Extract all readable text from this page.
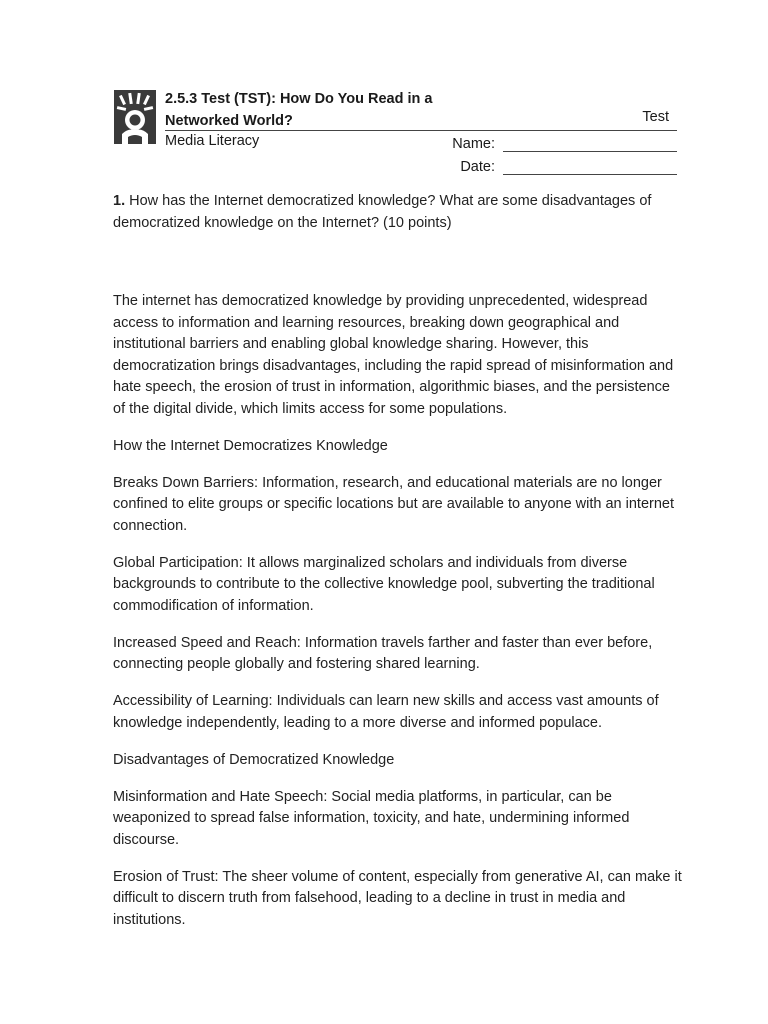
2.5.3 Test (TST): How Do You Read in a
Networked World?	Test
Media Literacy	Name:
Date:
1. How has the Internet democratized knowledge? What are some disadvantages of democratized knowledge on the Internet? (10 points)

The internet has democratized knowledge by providing unprecedented, widespread access to information and learning resources, breaking down geographical and institutional barriers and enabling global knowledge sharing. However, this democratization brings disadvantages, including the rapid spread of misinformation and hate speech, the erosion of trust in information, algorithmic biases, and the persistence of the digital divide, which limits access for some populations.

How the Internet Democratizes Knowledge

Breaks Down Barriers: Information, research, and educational materials are no longer confined to elite groups or specific locations but are available to anyone with an internet connection.

Global Participation: It allows marginalized scholars and individuals from diverse backgrounds to contribute to the collective knowledge pool, subverting the traditional commodification of information.

Increased Speed and Reach: Information travels farther and faster than ever before, connecting people globally and fostering shared learning.

Accessibility of Learning: Individuals can learn new skills and access vast amounts of knowledge independently, leading to a more diverse and informed populace.

Disadvantages of Democratized Knowledge

Misinformation and Hate Speech: Social media platforms, in particular, can be weaponized to spread false information, toxicity, and hate, undermining informed discourse.

Erosion of Trust: The sheer volume of content, especially from generative AI, can make it difficult to discern truth from falsehood, leading to a decline in trust in media and institutions.
